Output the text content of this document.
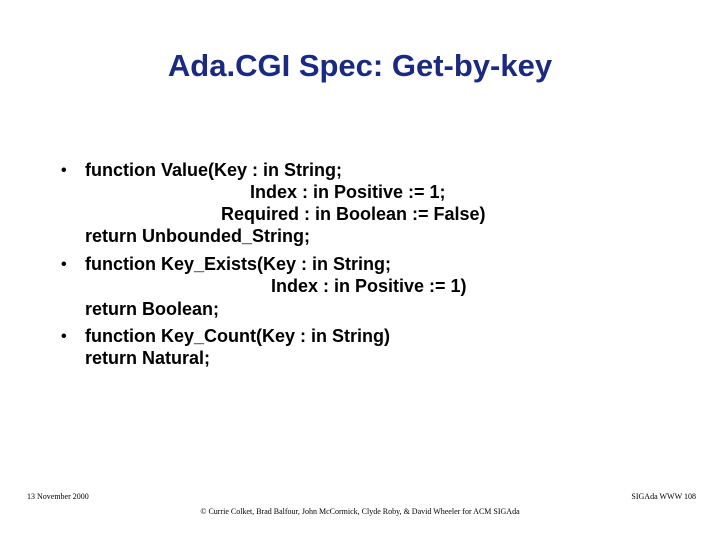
Ada.CGI Spec: Get-by-key
• function Value(Key : in String;
Index : in Positive := 1;
Required : in Boolean := False)
return Unbounded_String;
• function Key_Exists(Key : in String;
Index : in Positive := 1)
return Boolean;
• function Key_Count(Key : in String)
return Natural;
13 November 2000	SIGAda WWW 108
© Currie Colket, Brad Balfour, John McCormick, Clyde Roby, & David Wheeler for ACM SIGAda
